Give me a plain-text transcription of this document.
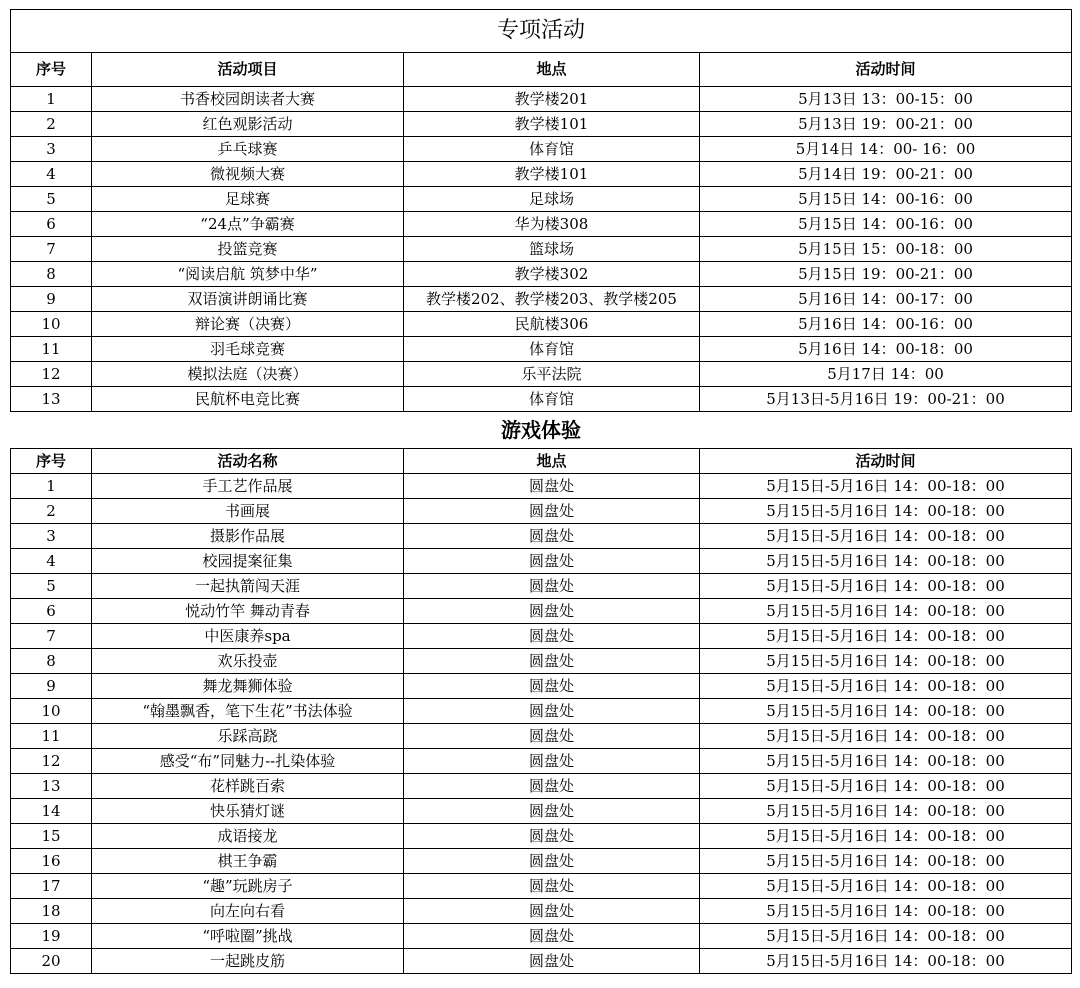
专项活动			
序号	活动项目	地点	活动时间
1	书香校园朗读者大赛	教学楼201	5月13日 13：00-15：00
2	红色观影活动	教学楼101	5月13日 19：00-21：00
3	乒乓球赛	体育馆	5月14日 14：00- 16：00
4	微视频大赛	教学楼101	5月14日 19：00-21：00
5	足球赛	足球场	5月15日 14：00-16：00
6	“24点”争霸赛	华为楼308	5月15日 14：00-16：00
7	投篮竞赛	篮球场	5月15日 15：00-18：00
8	“阅读启航 筑梦中华”	教学楼302	5月15日 19：00-21：00
9	双语演讲朗诵比赛	教学楼202、教学楼203、教学楼205	5月16日 14：00-17：00
10	辩论赛（决赛）	民航楼306	5月16日 14：00-16：00
11	羽毛球竞赛	体育馆	5月16日 14：00-18：00
12	模拟法庭（决赛）	乐平法院	5月17日 14：00
13	民航杯电竞比赛	体育馆	5月13日-5月16日 19：00-21：00
游戏体验			
序号	活动名称	地点	活动时间
1	手工艺作品展	圆盘处	5月15日-5月16日 14：00-18：00
2	书画展	圆盘处	5月15日-5月16日 14：00-18：00
3	摄影作品展	圆盘处	5月15日-5月16日 14：00-18：00
4	校园提案征集	圆盘处	5月15日-5月16日 14：00-18：00
5	一起执箭闯天涯	圆盘处	5月15日-5月16日 14：00-18：00
6	悦动竹竿 舞动青春	圆盘处	5月15日-5月16日 14：00-18：00
7	中医康养spa	圆盘处	5月15日-5月16日 14：00-18：00
8	欢乐投壶	圆盘处	5月15日-5月16日 14：00-18：00
9	舞龙舞狮体验	圆盘处	5月15日-5月16日 14：00-18：00
10	“翰墨飘香，笔下生花”书法体验	圆盘处	5月15日-5月16日 14：00-18：00
11	乐踩高跷	圆盘处	5月15日-5月16日 14：00-18：00
12	感受“布”同魅力--扎染体验	圆盘处	5月15日-5月16日 14：00-18：00
13	花样跳百索	圆盘处	5月15日-5月16日 14：00-18：00
14	快乐猜灯谜	圆盘处	5月15日-5月16日 14：00-18：00
15	成语接龙	圆盘处	5月15日-5月16日 14：00-18：00
16	棋王争霸	圆盘处	5月15日-5月16日 14：00-18：00
17	“趣”玩跳房子	圆盘处	5月15日-5月16日 14：00-18：00
18	向左向右看	圆盘处	5月15日-5月16日 14：00-18：00
19	“呼啦圈”挑战	圆盘处	5月15日-5月16日 14：00-18：00
20	一起跳皮筋	圆盘处	5月15日-5月16日 14：00-18：00
